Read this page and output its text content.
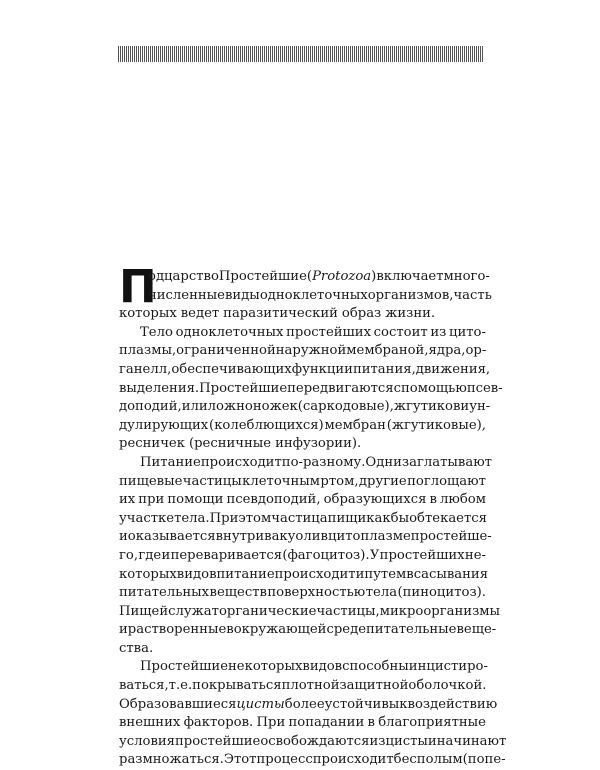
П
одцарство Простейшие (Protozoa) включает много-
численные виды одноклеточных организмов, часть
которых ведет паразитический образ жизни.
Тело одноклеточных простейших состоит из цито-
плазмы, ограниченной наружной мембраной, ядра, ор-
ганелл, обеспечивающих функции питания, движения,
выделения. Простейшие передвигаются с помощью псев-
доподий, или ложноножек (саркодовые), жгутиков и ун-
дулирующих (колеблющихся) мембран (жгутиковые),
ресничек (ресничные инфузории).
Питание происходит по-разному. Одни заглатывают
пищевые частицы клеточным ртом, другие поглощают
их при помощи псевдоподий, образующихся в любом
участке тела. При этом частица пищи как бы обтекается
и оказывается внутри вакуоли в цитоплазме простейше-
го, где и переваривается (фагоцитоз). У простейших не-
которых видов питание происходит и путем всасывания
питательных веществ поверхностью тела (пиноцитоз).
Пищей служат органические частицы, микроорганизмы
и растворенные в окружающей среде питательные веще-
ства.
Простейшие некоторых видов способны инцистиро-
ваться, т. е. покрываться плотной защитной оболочкой.
Образовавшиеся цисты более устойчивы к воздействию
внешних факторов. При попадании в благоприятные
условия простейшие освобождаются из цисты и начинают
размножаться. Этот процесс происходит бесполым (попе-
